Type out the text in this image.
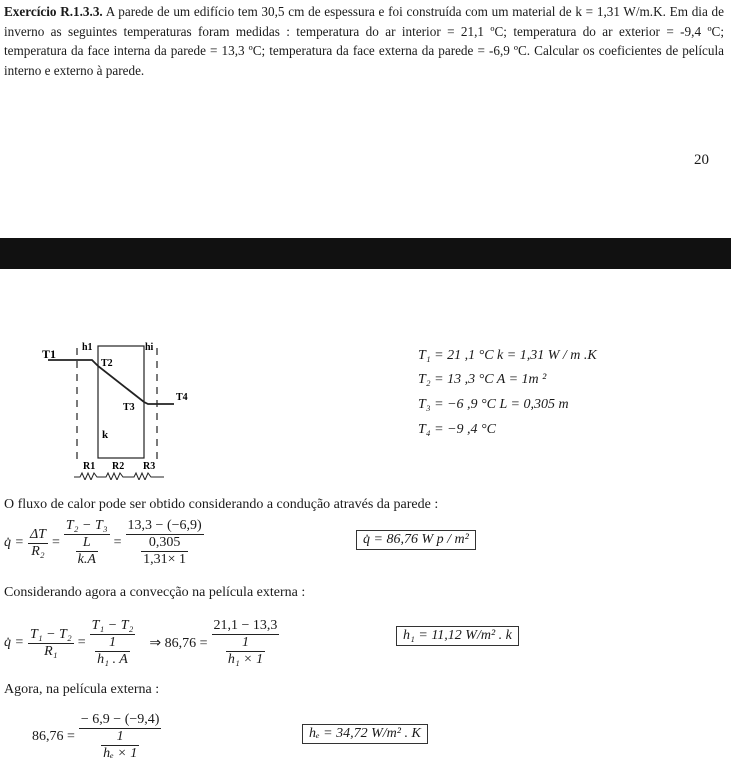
Exercício R.1.3.3. A parede de um edifício tem 30,5 cm de espessura e foi construída com um material de k = 1,31 W/m.K. Em dia de inverno as seguintes temperaturas foram medidas : temperatura do ar interior = 21,1 ºC; temperatura do ar exterior = -9,4 ºC; temperatura da face interna da parede = 13,3 ºC; temperatura da face externa da parede = -6,9 ºC. Calcular os coeficientes de película interno e externo à parede.
20
T1	h1	hi
T2
T3
T4
k
R1 R2 R3
T₁ = 21 ,1 °C k = 1,31 W / m .K
T₂ = 13 ,3 °C A = 1m ²
T₃ = −6 ,9 °C L = 0,305 m
T₄ = −9 ,4 °C
O fluxo de calor pode ser obtido considerando a condução através da parede :
q̇ = $\frac{\Delta T}{\text{R₂}} = \frac{\text{T₂ − T₃}}{\frac{L}{k.A}} = \frac{13,3 - (-6,9)}{\frac{0,305}{1,31\times 1}}$	q̇ = 86,76 W p / m²
Considerando agora a convecção na película externa :
q̇ = $\frac{\text{T₁ − T₂}}{\text{R₁}} = \frac{\text{T₁ − T₂}}{\frac{1}{\text{h₁ . A}}}$ ⇒ $86,76 = \frac{21,1 - 13,3}{\frac{1}{\text{h₁ × 1}}}$	h₁ = 11,12 W/m² . k
Agora, na película externa :
$86,76 = \frac{- 6,9 - (-9,4)}{\frac{1}{\text{hₑ × 1}}}$	hₑ = 34,72 W/m² . K
